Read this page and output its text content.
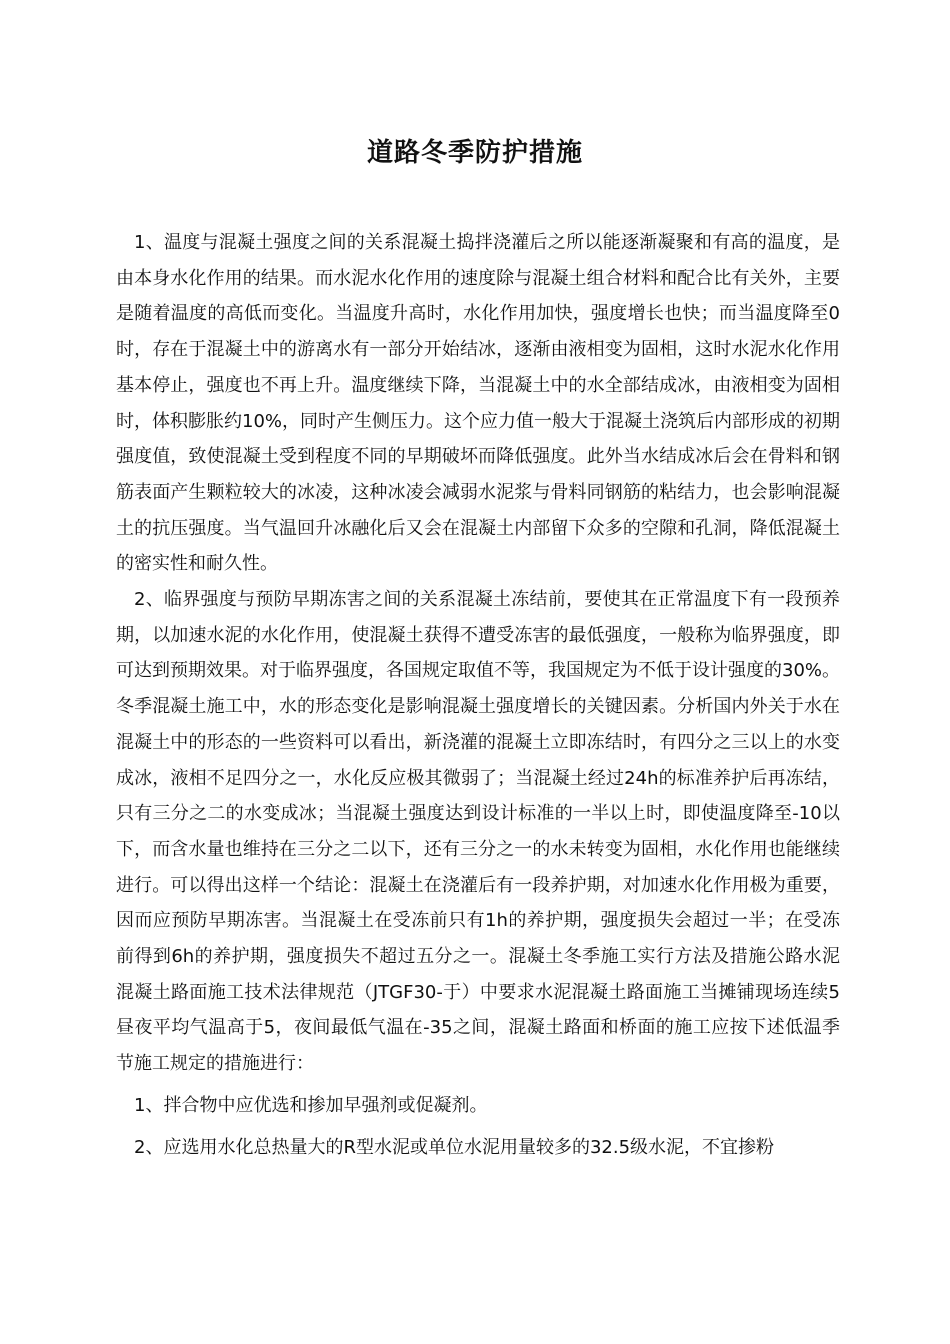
道路冬季防护措施

1、温度与混凝土强度之间的关系混凝土捣拌浇灌后之所以能逐渐凝聚和有高的温度，是由本身水化作用的结果。而水泥水化作用的速度除与混凝土组合材料和配合比有关外，主要是随着温度的高低而变化。当温度升高时，水化作用加快，强度增长也快；而当温度降至0时，存在于混凝土中的游离水有一部分开始结冰，逐渐由液相变为固相，这时水泥水化作用基本停止，强度也不再上升。温度继续下降，当混凝土中的水全部结成冰，由液相变为固相时，体积膨胀约10%，同时产生侧压力。这个应力值一般大于混凝土浇筑后内部形成的初期强度值，致使混凝土受到程度不同的早期破坏而降低强度。此外当水结成冰后会在骨料和钢筋表面产生颗粒较大的冰凌，这种冰凌会减弱水泥浆与骨料同钢筋的粘结力，也会影响混凝土的抗压强度。当气温回升冰融化后又会在混凝土内部留下众多的空隙和孔洞，降低混凝土的密实性和耐久性。

2、临界强度与预防早期冻害之间的关系混凝土冻结前，要使其在正常温度下有一段预养期，以加速水泥的水化作用，使混凝土获得不遭受冻害的最低强度，一般称为临界强度，即可达到预期效果。对于临界强度，各国规定取值不等，我国规定为不低于设计强度的30%。冬季混凝土施工中，水的形态变化是影响混凝土强度增长的关键因素。分析国内外关于水在混凝土中的形态的一些资料可以看出，新浇灌的混凝土立即冻结时，有四分之三以上的水变成冰，液相不足四分之一，水化反应极其微弱了；当混凝土经过24h的标准养护后再冻结，只有三分之二的水变成冰；当混凝土强度达到设计标准的一半以上时，即使温度降至-10以下，而含水量也维持在三分之二以下，还有三分之一的水未转变为固相，水化作用也能继续进行。可以得出这样一个结论：混凝土在浇灌后有一段养护期，对加速水化作用极为重要，因而应预防早期冻害。当混凝土在受冻前只有1h的养护期，强度损失会超过一半；在受冻前得到6h的养护期，强度损失不超过五分之一。混凝土冬季施工实行方法及措施公路水泥混凝土路面施工技术法律规范（JTGF30-于）中要求水泥混凝土路面施工当摊铺现场连续5昼夜平均气温高于5，夜间最低气温在-35之间，混凝土路面和桥面的施工应按下述低温季节施工规定的措施进行：

1、拌合物中应优选和掺加早强剂或促凝剂。

2、应选用水化总热量大的R型水泥或单位水泥用量较多的32.5级水泥，不宜掺粉
